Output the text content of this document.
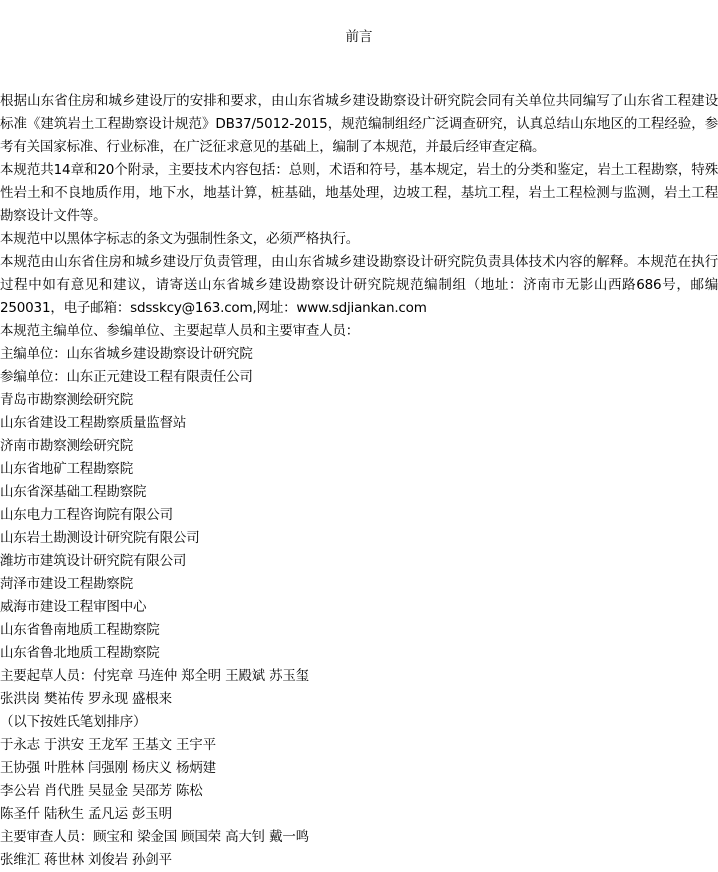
前言

根据山东省住房和城乡建设厅的安排和要求，由山东省城乡建设勘察设计研究院会同有关单位共同编写了山东省工程建设标准《建筑岩土工程勘察设计规范》DB37/5012-2015，规范编制组经广泛调查研究，认真总结山东地区的工程经验，参考有关国家标准、行业标准，在广泛征求意见的基础上，编制了本规范，并最后经审查定稿。

本规范共14章和20个附录，主要技术内容包括：总则，术语和符号，基本规定，岩土的分类和鉴定，岩土工程勘察，特殊性岩土和不良地质作用，地下水，地基计算，桩基础，地基处理，边坡工程，基坑工程，岩土工程检测与监测，岩土工程勘察设计文件等。

本规范中以黑体字标志的条文为强制性条文，必须严格执行。

本规范由山东省住房和城乡建设厅负责管理，由山东省城乡建设勘察设计研究院负责具体技术内容的解释。本规范在执行过程中如有意见和建议，请寄送山东省城乡建设勘察设计研究院规范编制组（地址：济南市无影山西路686号，邮编250031，电子邮箱：sdsskcy@163.com,网址：www.sdjiankan.com

本规范主编单位、参编单位、主要起草人员和主要审查人员：
主编单位：山东省城乡建设勘察设计研究院
参编单位：山东正元建设工程有限责任公司
青岛市勘察测绘研究院
山东省建设工程勘察质量监督站
济南市勘察测绘研究院
山东省地矿工程勘察院
山东省深基础工程勘察院
山东电力工程咨询院有限公司
山东岩土勘测设计研究院有限公司
潍坊市建筑设计研究院有限公司
菏泽市建设工程勘察院
威海市建设工程审图中心
山东省鲁南地质工程勘察院
山东省鲁北地质工程勘察院
主要起草人员：付宪章 马连仲 郑全明 王殿斌 苏玉玺
张洪岗 樊祐传 罗永现 盛根来
（以下按姓氏笔划排序）
于永志 于洪安 王龙军 王基文 王宇平
王协强 叶胜林 闫强刚 杨庆义 杨炳建
李公岩 肖代胜 吴显金 吴邵芳 陈松
陈圣仟 陆秋生 孟凡运 彭玉明
主要审查人员：顾宝和 梁金国 顾国荣 高大钊 戴一鸣
张维汇 蒋世林 刘俊岩 孙剑平
